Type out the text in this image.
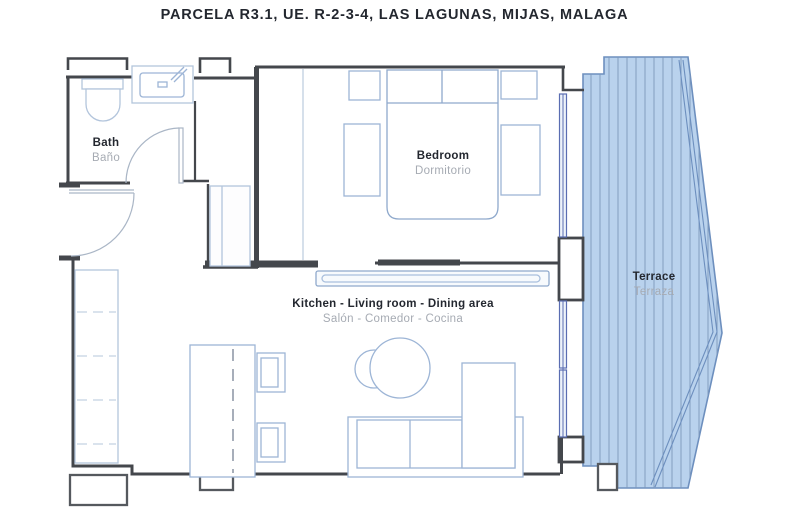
PARCELA R3.1, UE. R-2-3-4, LAS LAGUNAS, MIJAS, MALAGA
Bath
Baño	Bedroom
Dormitorio
Kitchen - Living room - Dining area
Salón - Comedor - Cocina
Terrace
Terraza
